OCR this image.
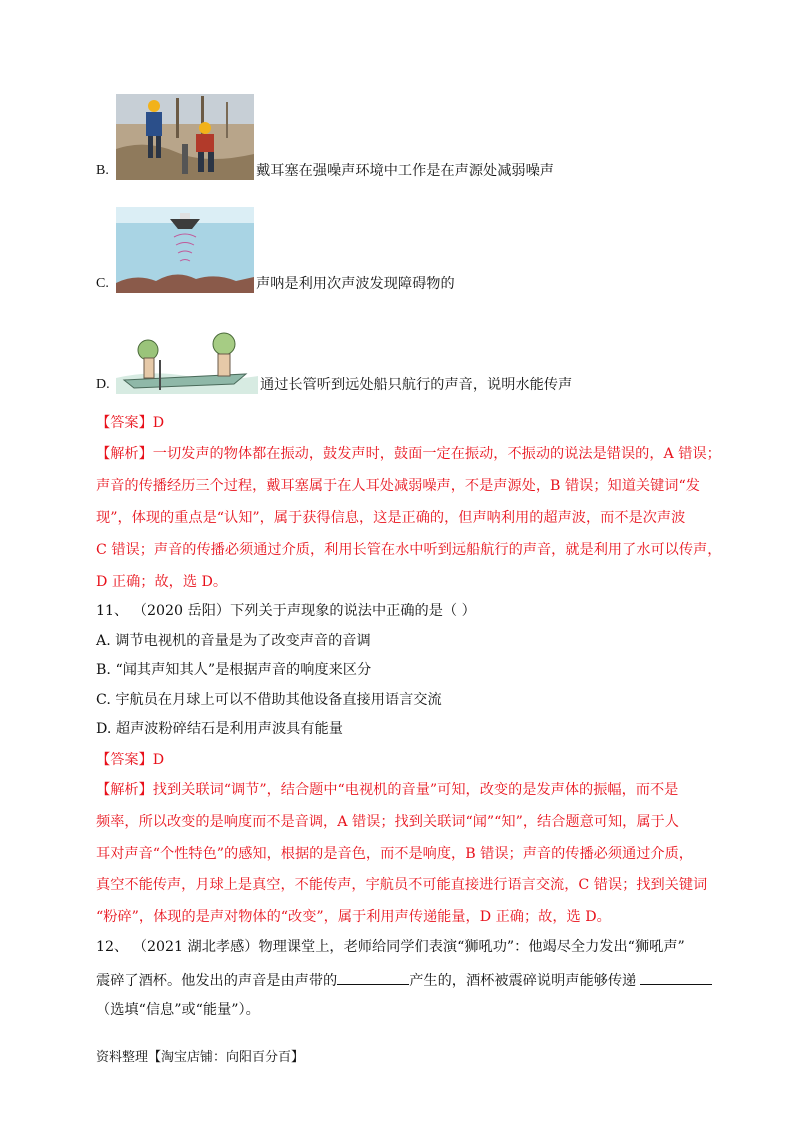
B.	戴耳塞在强噪声环境中工作是在声源处减弱噪声
C.	声呐是利用次声波发现障碍物的
D.	通过长管听到远处船只航行的声音，说明水能传声
【答案】D
【解析】一切发声的物体都在振动，鼓发声时，鼓面一定在振动，不振动的说法是错误的，A 错误；
声音的传播经历三个过程，戴耳塞属于在人耳处减弱噪声，不是声源处，B 错误；知道关键词“发
现”，体现的重点是“认知”，属于获得信息，这是正确的，但声呐利用的超声波，而不是次声波
C 错误；声音的传播必须通过介质，利用长管在水中听到远船航行的声音，就是利用了水可以传声，
D 正确；故，选 D。
11、 （2020 岳阳）下列关于声现象的说法中正确的是（ ）
A. 调节电视机的音量是为了改变声音的音调
B. “闻其声知其人”是根据声音的响度来区分
C. 宇航员在月球上可以不借助其他设备直接用语言交流
D. 超声波粉碎结石是利用声波具有能量
【答案】D
【解析】找到关联词“调节”，结合题中“电视机的音量”可知，改变的是发声体的振幅，而不是
频率，所以改变的是响度而不是音调，A 错误；找到关联词“闻”“知”，结合题意可知，属于人
耳对声音“个性特色”的感知，根据的是音色，而不是响度，B 错误；声音的传播必须通过介质，
真空不能传声，月球上是真空，不能传声，宇航员不可能直接进行语言交流，C 错误；找到关键词
“粉碎”，体现的是声对物体的“改变”，属于利用声传递能量，D 正确；故，选 D。
12、 （2021 湖北孝感）物理课堂上，老师给同学们表演“狮吼功”：他竭尽全力发出“狮吼声”
震碎了酒杯。他发出的声音是由声带的	产生的，酒杯被震碎说明声能够传递
（选填“信息”或“能量”）。
资料整理【淘宝店铺：向阳百分百】
